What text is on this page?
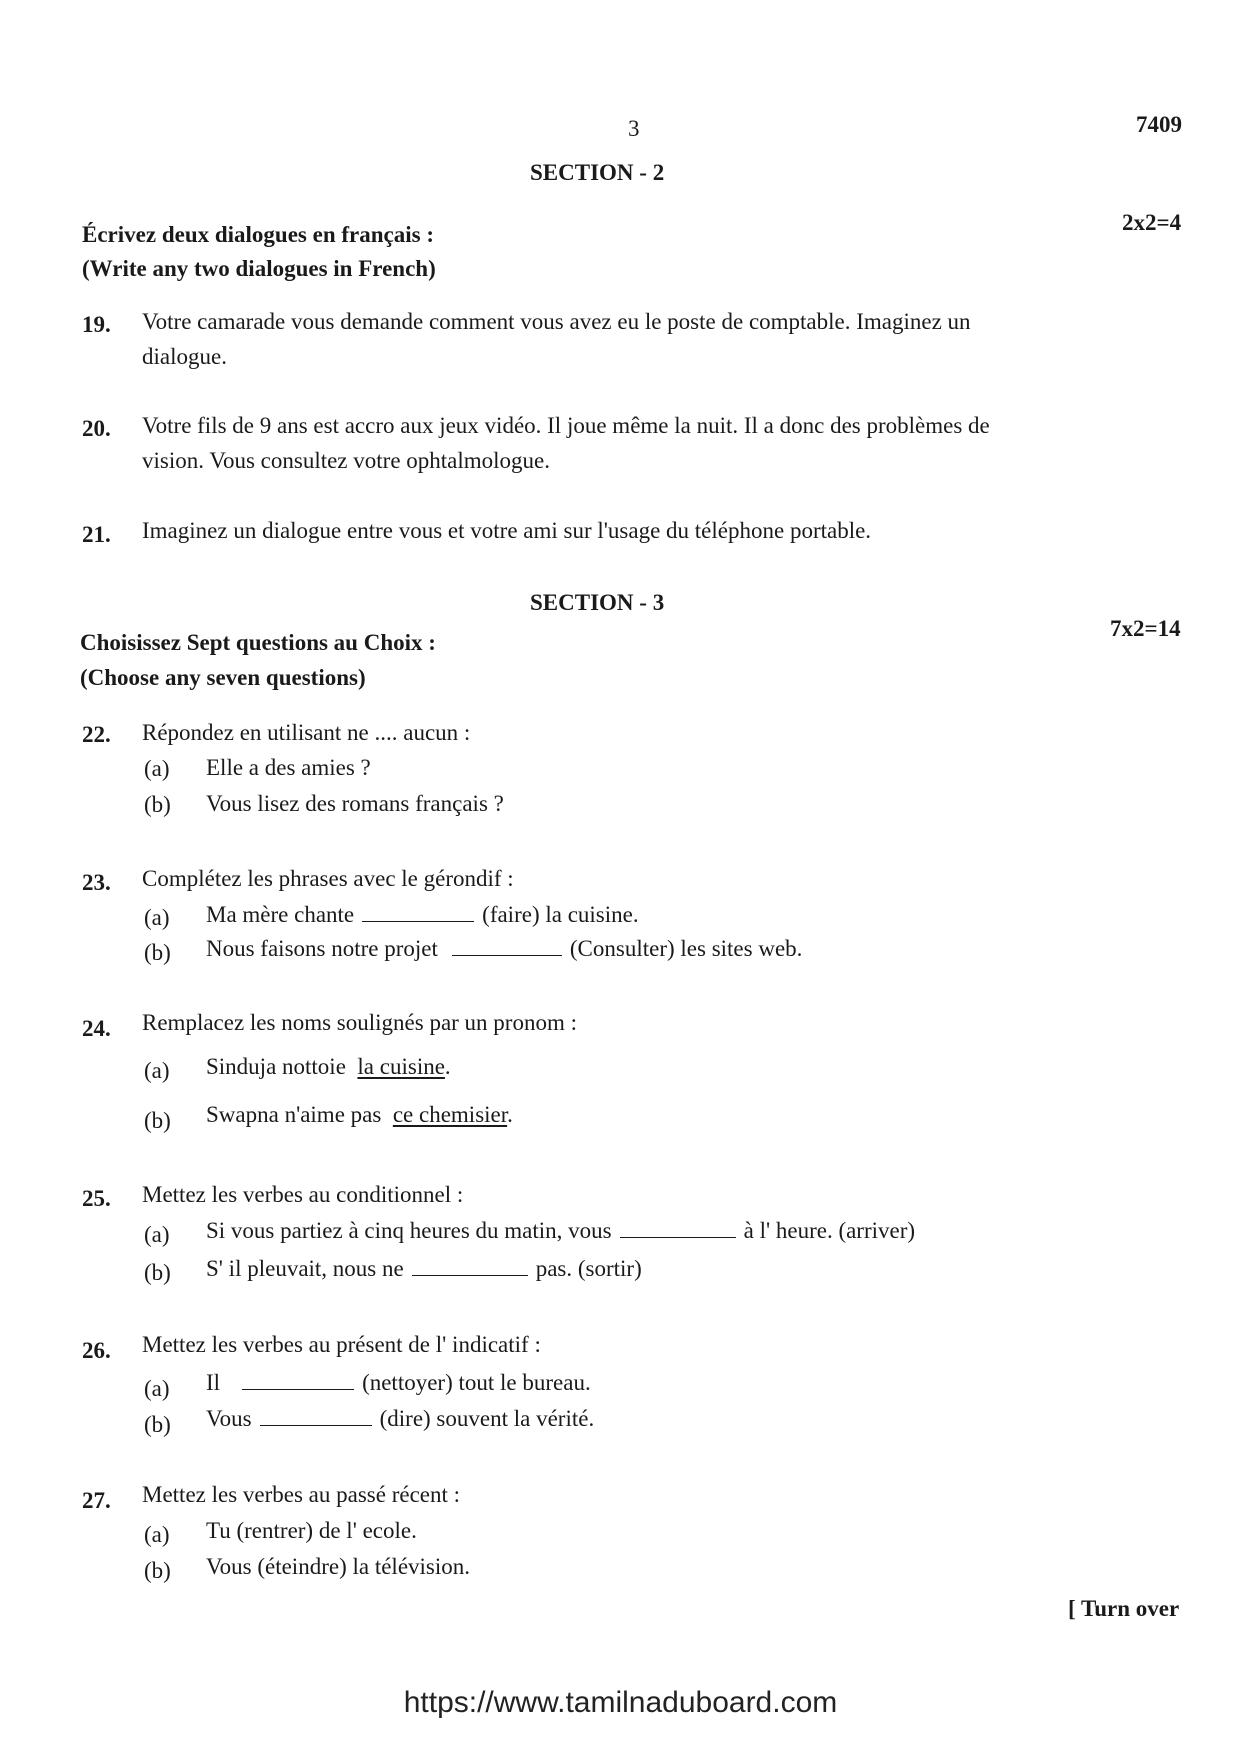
3	7409
SECTION - 2
Écrivez deux dialogues en français :	2x2=4
(Write any two dialogues in French)
19. Votre camarade vous demande comment vous avez eu le poste de comptable. Imaginez un
dialogue.
20. Votre fils de 9 ans est accro aux jeux vidéo. Il joue même la nuit. Il a donc des problèmes de
vision. Vous consultez votre ophtalmologue.
21. Imaginez un dialogue entre vous et votre ami sur l'usage du téléphone portable.
SECTION - 3
Choisissez Sept questions au Choix :
7x2=14
(Choose any seven questions)
22. Répondez en utilisant ne .... aucun :
(a) Elle a des amies ?
(b) Vous lisez des romans français ?
23. Complétez les phrases avec le gérondif :
(a) Ma mère chante	(faire) la cuisine.
(b) Nous faisons notre projet	(Consulter) les sites web.
24. Remplacez les noms soulignés par un pronom :
(a) Sinduja nottoie la cuisine.
(b) Swapna n'aime pas ce chemisier.
25. Mettez les verbes au conditionnel :
(a) Si vous partiez à cinq heures du matin, vous	à l' heure. (arriver)
(b) S' il pleuvait, nous ne	pas. (sortir)
26. Mettez les verbes au présent de l' indicatif :
(a) Il	(nettoyer) tout le bureau.
(b) Vous	(dire) souvent la vérité.
27. Mettez les verbes au passé récent :
(a) Tu (rentrer) de l' ecole.
(b) Vous (éteindre) la télévision.
[ Turn over
https://www.tamilnaduboard.com
